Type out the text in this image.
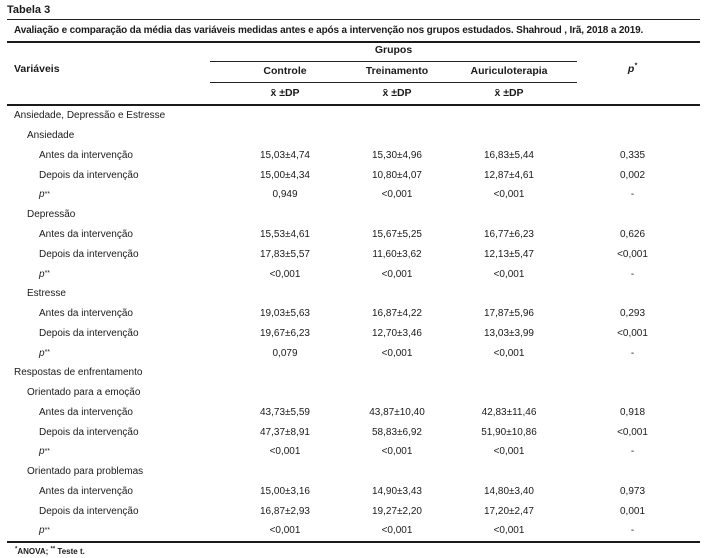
Tabela 3
Avaliação e comparação da média das variáveis medidas antes e após a intervenção nos grupos estudados. Shahroud , Irã, 2018 a 2019.
Variáveis
Grupos
p*
Controle
x̄ ±DP
Treinamento
x̄ ±DP
Auriculoterapia
x̄ ±DP
Ansiedade, Depressão e Estresse
Ansiedade
Antes da intervenção	15,03±4,74	15,30±4,96	16,83±5,44	0,335
Depois da intervenção	15,00±4,34	10,80±4,07	12,87±4,61	0,002
p **	0,949	<0,001	<0,001	-
Depressão
Antes da intervenção	15,53±4,61	15,67±5,25	16,77±6,23	0,626
Depois da intervenção	17,83±5,57	11,60±3,62	12,13±5,47	<0,001
p **	<0,001	<0,001	<0,001	-
Estresse
Antes da intervenção	19,03±5,63	16,87±4,22	17,87±5,96	0,293
Depois da intervenção	19,67±6,23	12,70±3,46	13,03±3,99	<0,001
p **	0,079	<0,001	<0,001	-
Respostas de enfrentamento
Orientado para a emoção
Antes da intervenção	43,73±5,59	43,87±10,40	42,83±11,46	0,918
Depois da intervenção	47,37±8,91	58,83±6,92	51,90±10,86	<0,001
p **	<0,001	<0,001	<0,001	-
Orientado para problemas
Antes da intervenção	15,00±3,16	14,90±3,43	14,80±3,40	0,973
Depois da intervenção	16,87±2,93	19,27±2,20	17,20±2,47	0,001
p **	<0,001	<0,001	<0,001	-
*ANOVA; ** Teste t.
